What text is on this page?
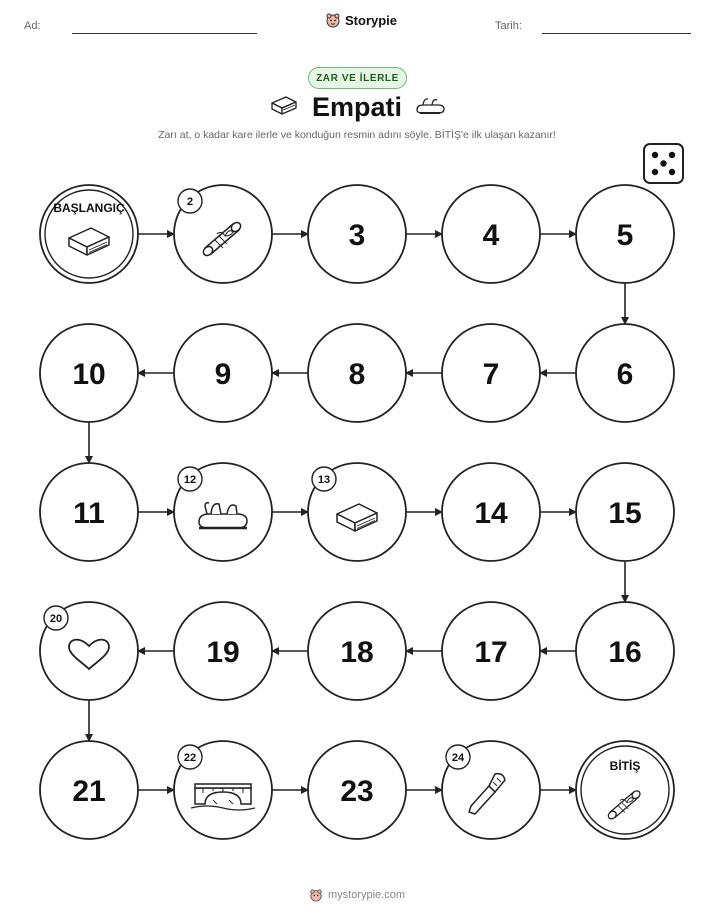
Ad:	Storypie	Tarih:
ZAR VE İLERLE
Empati
Zarı at, o kadar kare ilerle ve konduğun resmin adını söyle. BİTİŞ'e ilk ulaşan kazanır!
BAŞLANGIÇ	2
3	4	5
6
7
8
9
10
11
12	13
14	15
16
17
18
19
20
21
22
23
24
BİTİŞ
mystorypie.com
